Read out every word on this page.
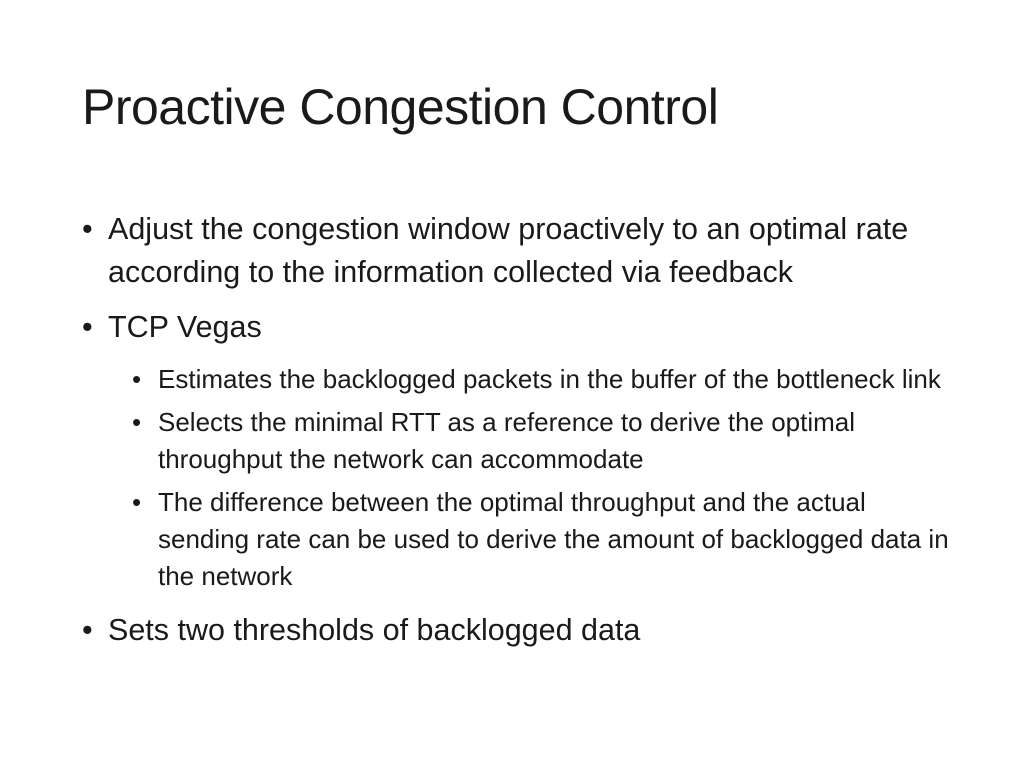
Proactive Congestion Control
• Adjust the congestion window proactively to an optimal rate according to the information collected via feedback
• TCP Vegas
• Estimates the backlogged packets in the buffer of the bottleneck link
• Selects the minimal RTT as a reference to derive the optimal throughput the network can accommodate
• The difference between the optimal throughput and the actual sending rate can be used to derive the amount of backlogged data in the network
• Sets two thresholds of backlogged data
